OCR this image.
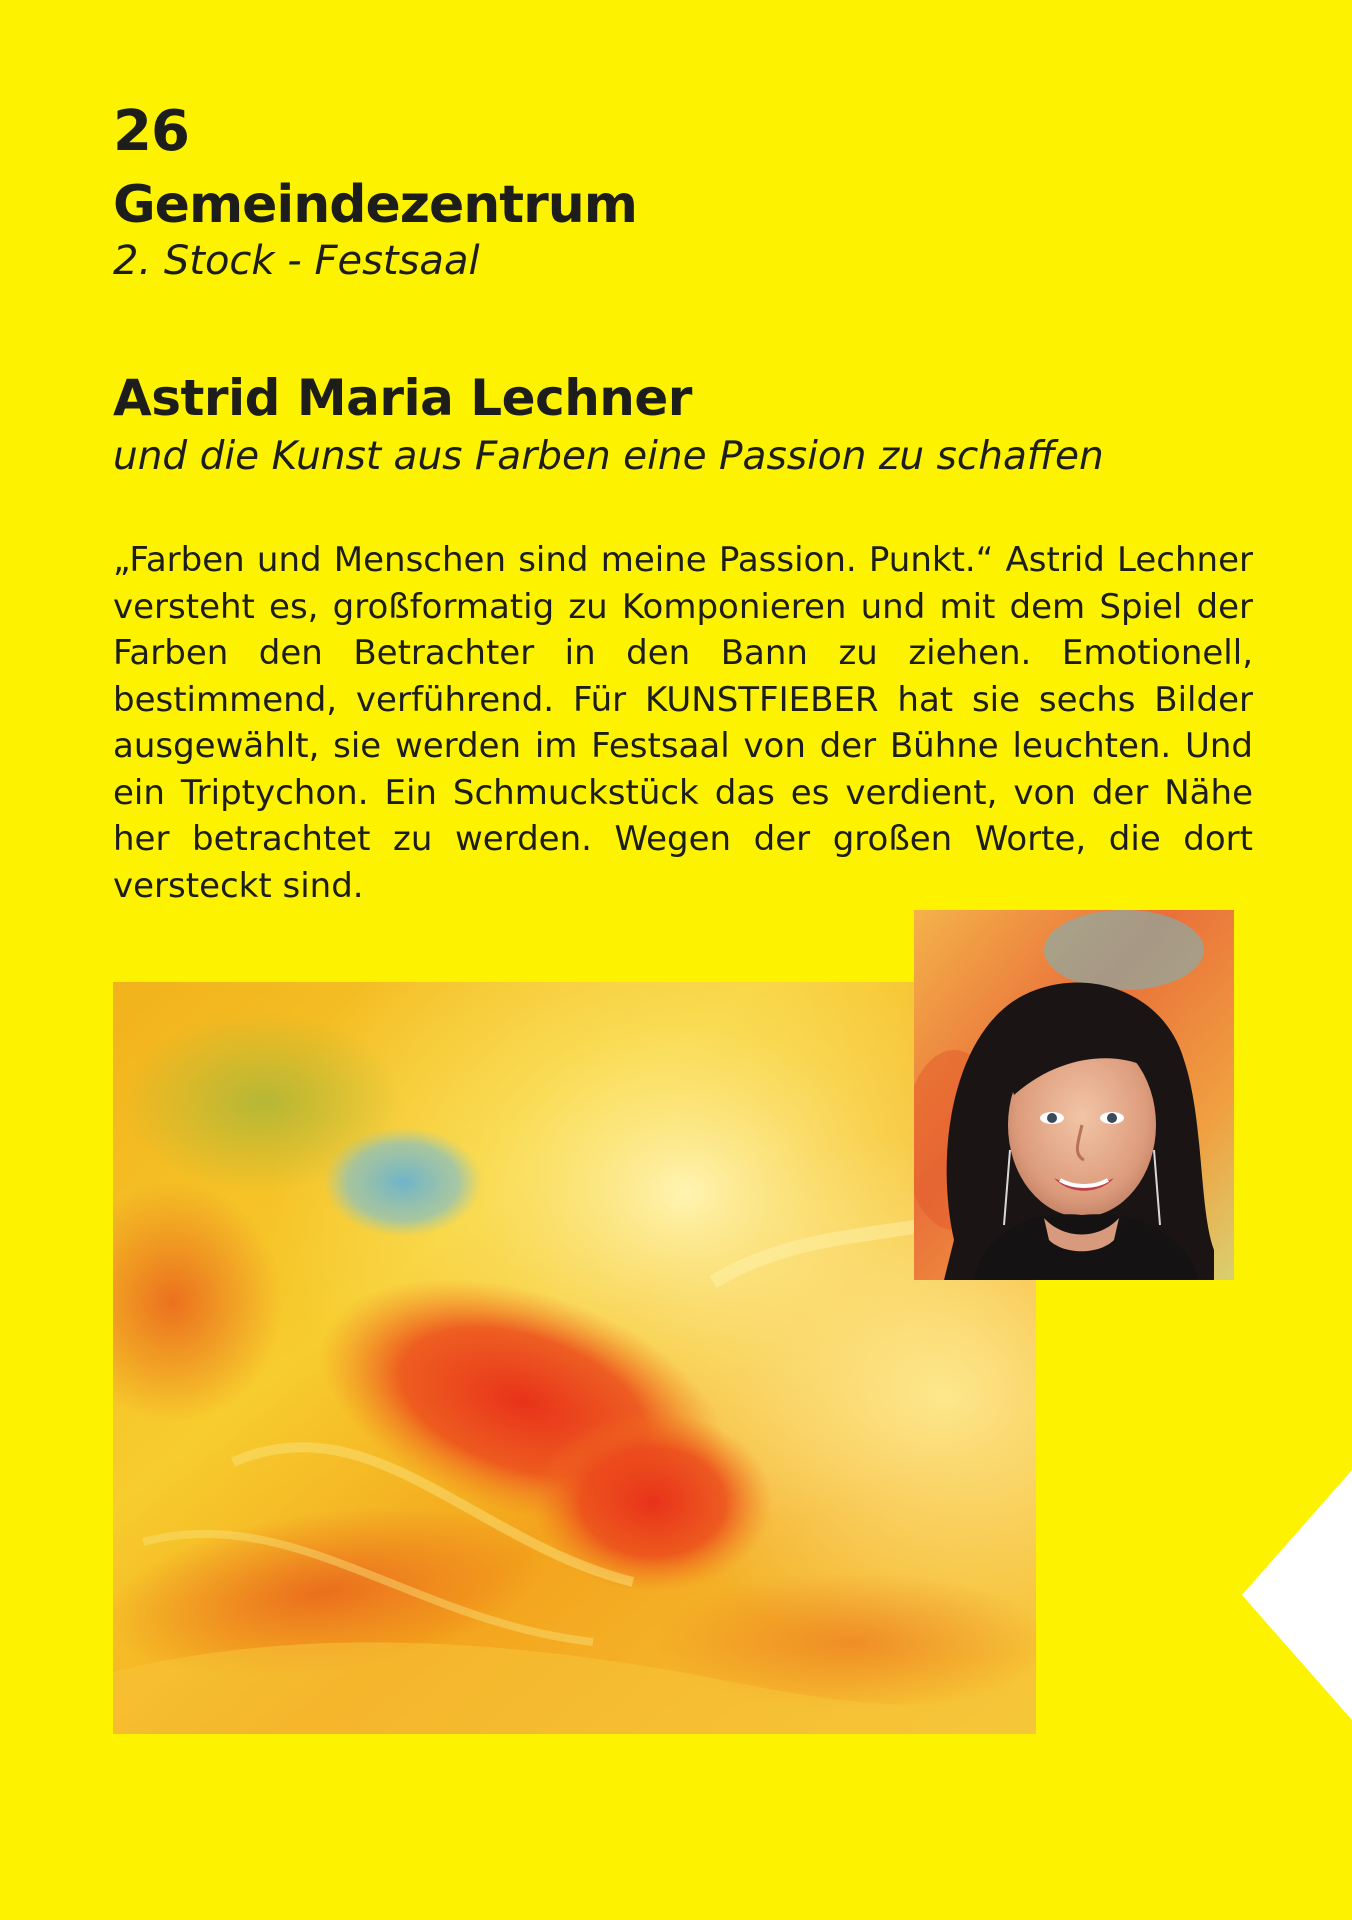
26
Gemeindezentrum
2. Stock - Festsaal
Astrid Maria Lechner
und die Kunst aus Farben eine Passion zu schaffen
„Farben und Menschen sind meine Passion. Punkt.“ Astrid Lechner versteht es, großformatig zu Komponieren und mit dem Spiel der Farben den Betrachter in den Bann zu ziehen. Emotionell, bestimmend, verführend. Für KUNSTFIEBER hat sie sechs Bilder ausgewählt, sie werden im Festsaal von der Bühne leuchten. Und ein Triptychon. Ein Schmuckstück das es verdient, von der Nähe her betrachtet zu werden. Wegen der großen Worte, die dort versteckt sind.
